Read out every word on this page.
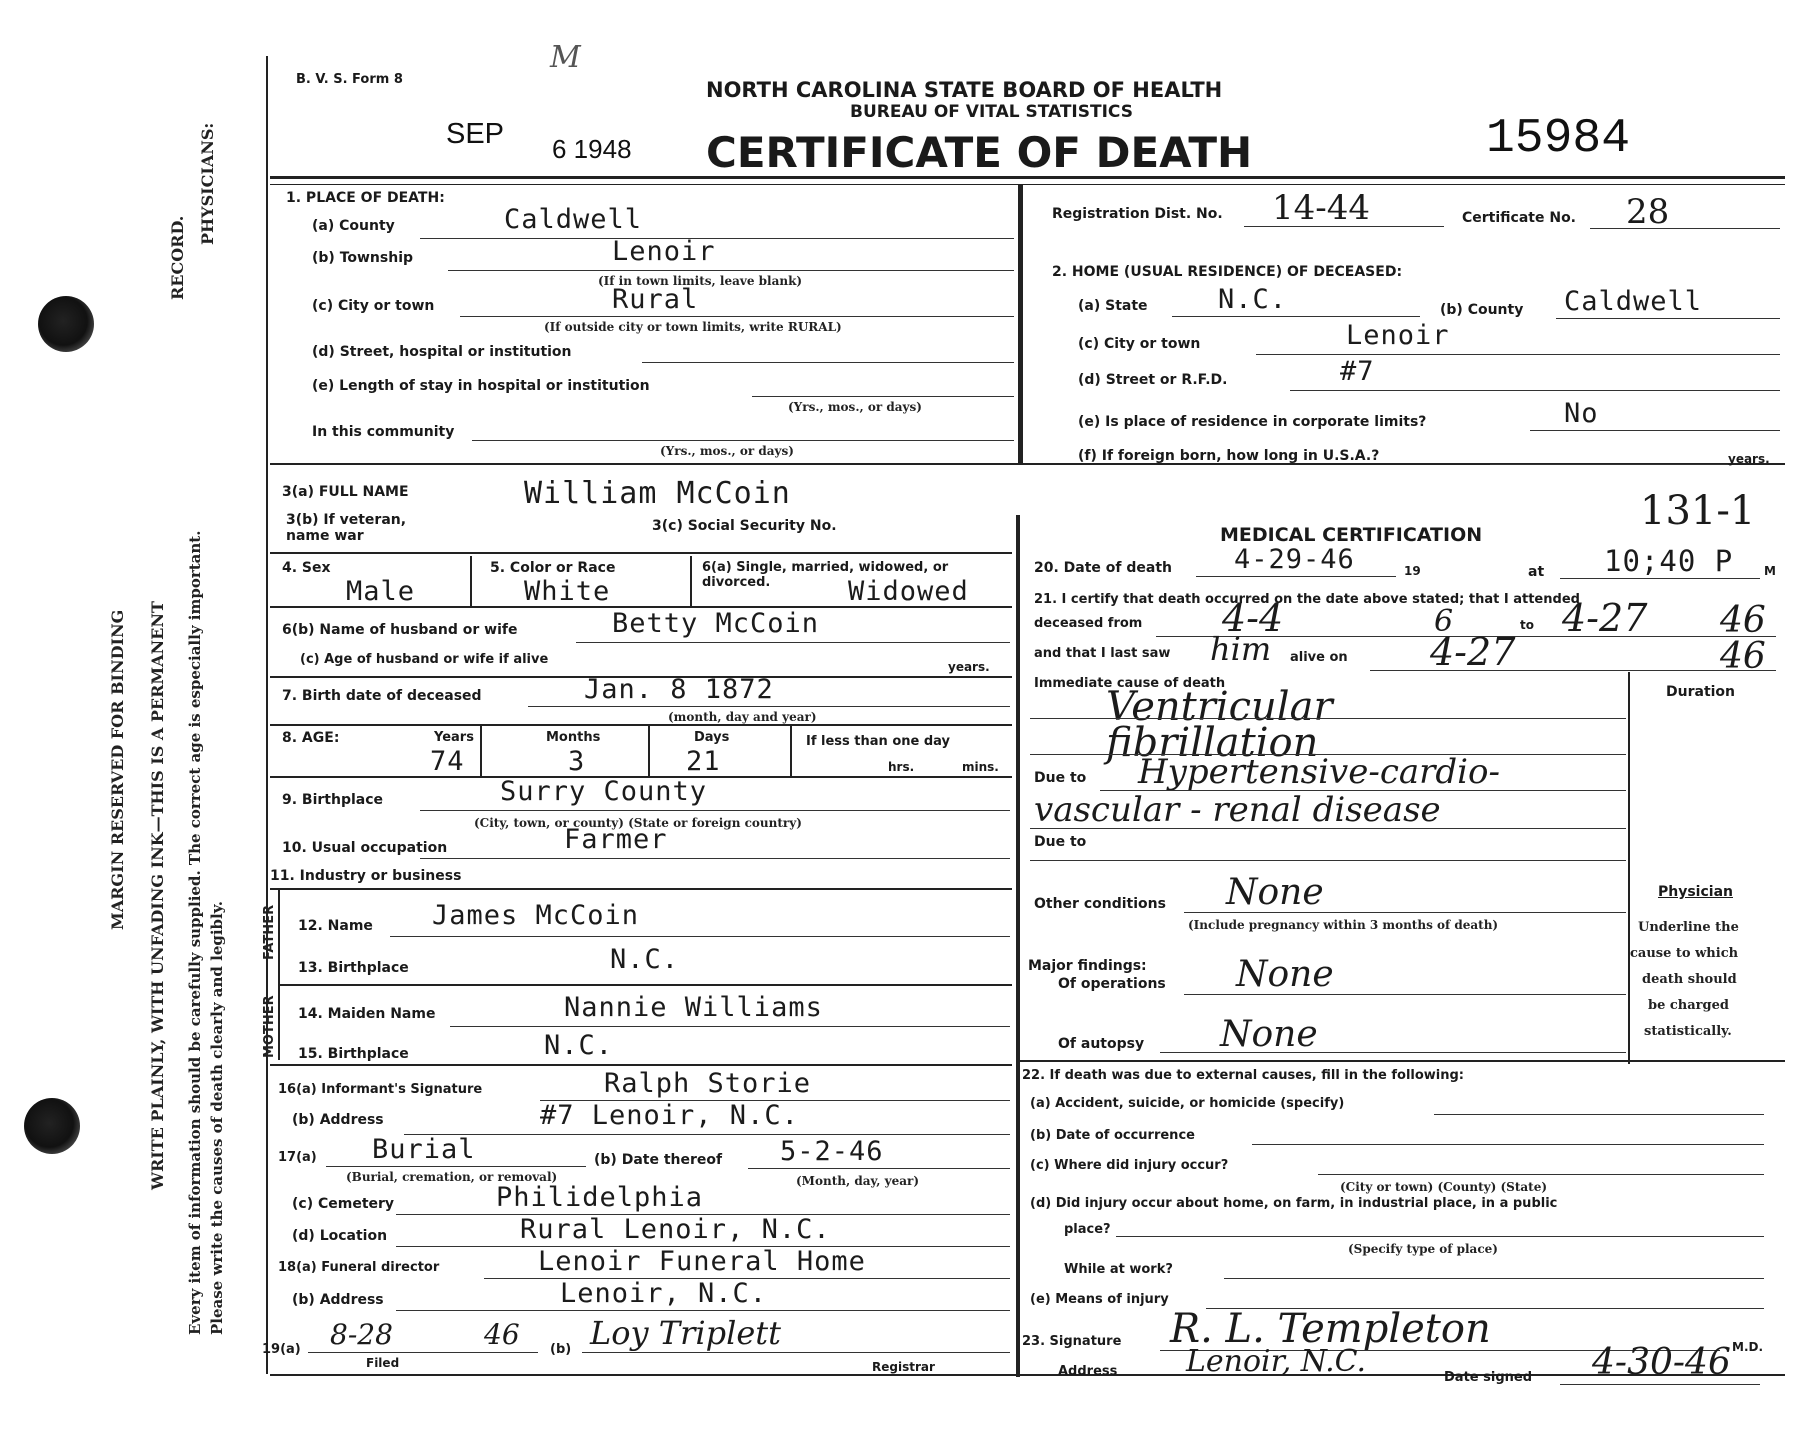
MARGIN RESERVED FOR BINDING WRITE PLAINLY, WITH UNFADING INK—THIS IS A PERMANENT
PHYSICIANS:
RECORD.
Every item of information should be carefully supplied. The correct age is especially important. Please write the causes of death clearly and legibly.
B. V. S. Form 8
M
NORTH CAROLINA STATE BOARD OF HEALTH
BUREAU OF VITAL STATISTICS
SEP 6 1948 CERTIFICATE OF DEATH	15984
1. PLACE OF DEATH:
(a) County	Caldwell
(b) Township	Lenoir
(If in town limits, leave blank)
(c) City or town	Rural
(If outside city or town limits, write RURAL)
(d) Street, hospital or institution
(e) Length of stay in hospital or institution
(Yrs., mos., or days)
In this community
(Yrs., mos., or days)
Registration Dist. No. 14-44	Certificate No. 28
2. HOME (USUAL RESIDENCE) OF DECEASED:
(a) State	N.C.	(b) County Caldwell
(c) City or town	Lenoir
(d) Street or R.F.D.	#7
(e) Is place of residence in corporate limits?	No
(f) If foreign born, how long in U.S.A.?	years.
3(a) FULL NAME	William McCoin	131-1
3(b) If veteran, name war
3(c) Social Security No.
4. Sex
Male
5. Color or Race
White
6(a) Single, married, widowed, or divorced.	Widowed
6(b) Name of husband or wife	Betty McCoin
(c) Age of husband or wife if alive	years.
7. Birth date of deceased	Jan. 8 1872
(month, day and year)
8. AGE:	Years
74
Months
3
Days
21
If less than one day
hrs.	mins.
9. Birthplace	Surry County
(City, town, or county) (State or foreign country)
10. Usual occupation	Farmer
11. Industry or business
FATHER
MOTHER
12. Name James McCoin
13. Birthplace	N.C.
14. Maiden Name	Nannie Williams
15. Birthplace	N.C.
16(a) Informant's Signature	Ralph Storie
(b) Address	#7 Lenoir, N.C.
17(a) Burial
(Burial, cremation, or removal)
(b) Date thereof 5-2-46
(Month, day, year)
(c) Cemetery	Philidelphia
(d) Location	Rural Lenoir, N.C.
18(a) Funeral director	Lenoir Funeral Home
(b) Address	Lenoir, N.C.
19(a) 8-28	46
Filed
(b) Loy Triplett
Registrar
MEDICAL CERTIFICATION
20. Date of death 4-29-46	19	at 10;40 P	M
21. I certify that death occurred on the date above stated; that I attended
deceased from 4-4	6	to 4-27 46
and that I last saw him alive on 4-27	46
Immediate cause of death
Duration
Ventricular
fibrillation
Due to Hypertensive-cardio-
vascular - renal disease
Due to
Other conditions None
(Include pregnancy within 3 months of death)
Physician
Underline the
cause to which
death should
be charged
statistically.
Major findings:
Of operations None
Of autopsy None
22. If death was due to external causes, fill in the following:
(a) Accident, suicide, or homicide (specify)
(b) Date of occurrence
(c) Where did injury occur?
(City or town) (County) (State)
(d) Did injury occur about home, on farm, in industrial place, in a public
place?
(Specify type of place)
While at work?
(e) Means of injury
23. Signature R. L. Templeton	M.D.
Address Lenoir, N.C.	Date signed 4-30-46
